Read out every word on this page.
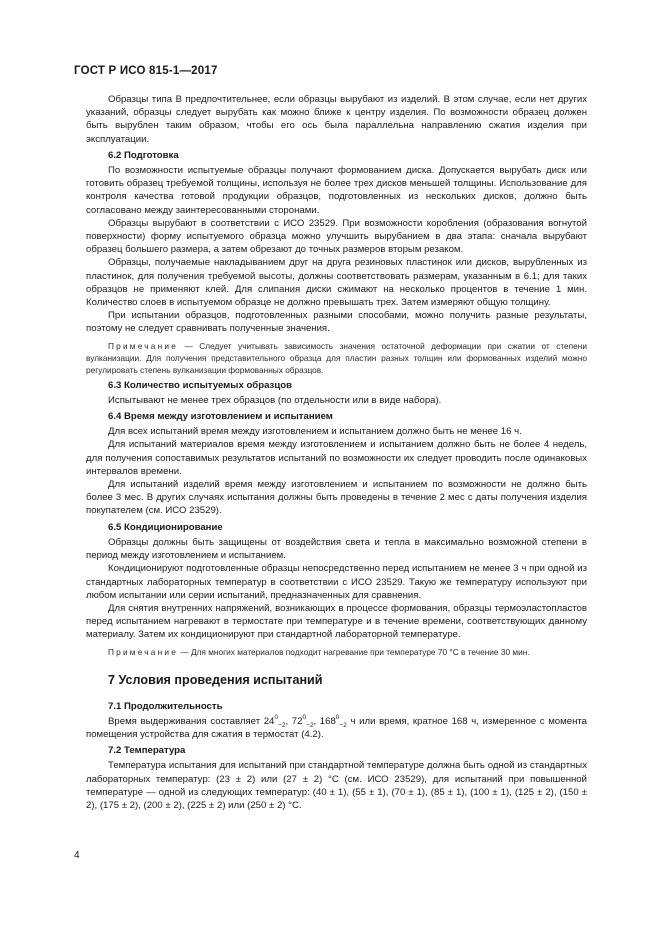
ГОСТ Р ИСО 815-1—2017

Образцы типа В предпочтительнее, если образцы вырубают из изделий. В этом случае, если нет других указаний, образцы следует вырубать как можно ближе к центру изделия. По возможности образец должен быть вырублен таким образом, чтобы его ось была параллельна направлению сжатия изделия при эксплуатации.

6.2 Подготовка

По возможности испытуемые образцы получают формованием диска. Допускается вырубать диск или готовить образец требуемой толщины, используя не более трех дисков меньшей толщины. Использование для контроля качества готовой продукции образцов, подготовленных из нескольких дисков, должно быть согласовано между заинтересованными сторонами.

Образцы вырубают в соответствии с ИСО 23529. При возможности коробления (образования вогнутой поверхности) форму испытуемого образца можно улучшить вырубанием в два этапа: сначала вырубают образец большего размера, а затем обрезают до точных размеров вторым резаком.

Образцы, получаемые накладыванием друг на друга резиновых пластинок или дисков, вырубленных из пластинок, для получения требуемой высоты, должны соответствовать размерам, указанным в 6.1; для таких образцов не применяют клей. Для слипания диски сжимают на несколько процентов в течение 1 мин. Количество слоев в испытуемом образце не должно превышать трех. Затем измеряют общую толщину.

При испытании образцов, подготовленных разными способами, можно получить разные результаты, поэтому не следует сравнивать полученные значения.

Примечание — Следует учитывать зависимость значения остаточной деформации при сжатии от степени вулканизации. Для получения представительного образца для пластин разных толщин или формованных изделий можно регулировать степень вулканизации формованных образцов.

6.3 Количество испытуемых образцов

Испытывают не менее трех образцов (по отдельности или в виде набора).

6.4 Время между изготовлением и испытанием

Для всех испытаний время между изготовлением и испытанием должно быть не менее 16 ч.

Для испытаний материалов время между изготовлением и испытанием должно быть не более 4 недель, для получения сопоставимых результатов испытаний по возможности их следует проводить после одинаковых интервалов времени.

Для испытаний изделий время между изготовлением и испытанием по возможности не должно быть более 3 мес. В других случаях испытания должны быть проведены в течение 2 мес с даты получения изделия покупателем (см. ИСО 23529).

6.5 Кондиционирование

Образцы должны быть защищены от воздействия света и тепла в максимально возможной степени в период между изготовлением и испытанием.

Кондиционируют подготовленные образцы непосредственно перед испытанием не менее 3 ч при одной из стандартных лабораторных температур в соответствии с ИСО 23529. Такую же температуру используют при любом испытании или серии испытаний, предназначенных для сравнения.

Для снятия внутренних напряжений, возникающих в процессе формования, образцы термоэластопластов перед испытанием нагревают в термостате при температуре и в течение времени, соответствующих данному материалу. Затем их кондиционируют при стандартной лабораторной температуре.

Примечание — Для многих материалов подходит нагревание при температуре 70 °С в течение 30 мин.

7 Условия проведения испытаний
7.1 Продолжительность

Время выдерживания составляет $24^0_{-2}$, $72^0_{-2}$, $168^0_{-2}$ ч или время, кратное 168 ч, измеренное с момента помещения устройства для сжатия в термостат (4.2).

7.2 Температура

Температура испытания для испытаний при стандартной температуре должна быть одной из стандартных лабораторных температур: (23 ± 2) или (27 ± 2) °С (см. ИСО 23529), для испытаний при повышенной температуре — одной из следующих температур: (40 ± 1), (55 ± 1), (70 ± 1), (85 ± 1), (100 ± 1), (125 ± 2), (150 ± 2), (175 ± 2), (200 ± 2), (225 ± 2) или (250 ± 2) °С.

4
